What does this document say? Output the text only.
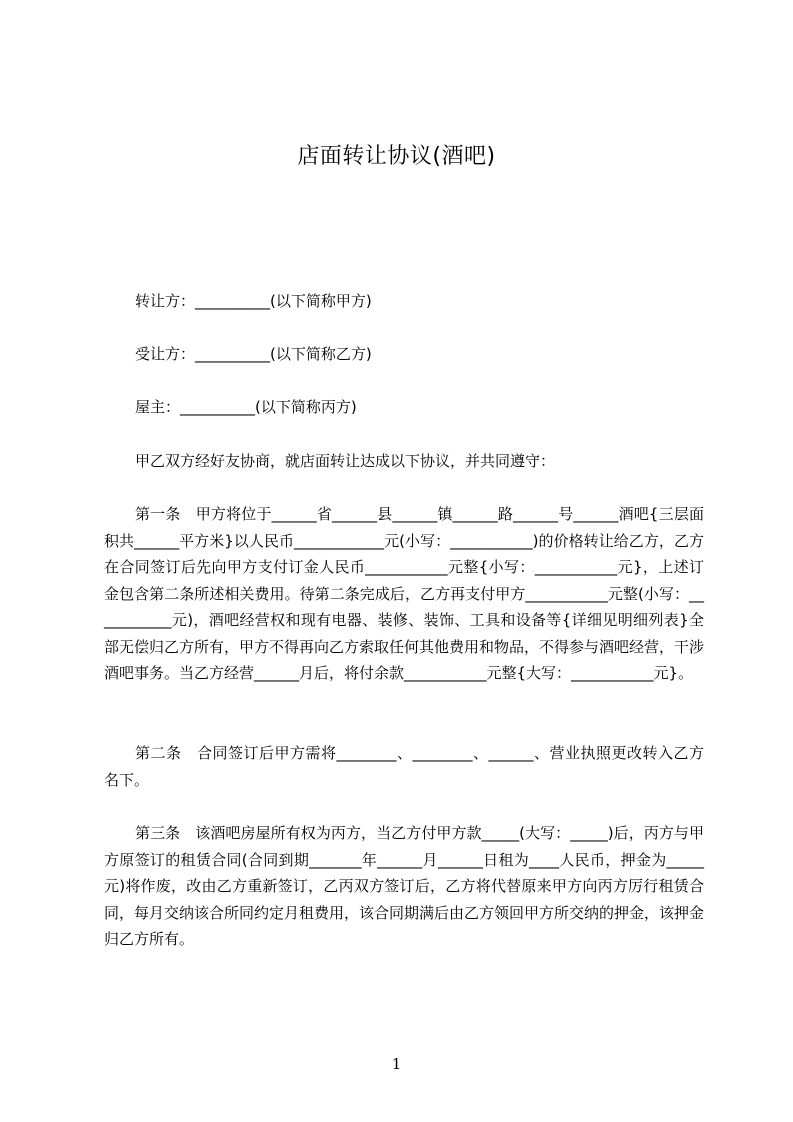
店面转让协议(酒吧)
转让方：__________(以下简称甲方)
受让方：__________(以下简称乙方)
屋主：__________(以下简称丙方)
甲乙双方经好友协商，就店面转让达成以下协议，并共同遵守：
第一条　甲方将位于______省______县______镇______路______号______酒吧{三层面积共______平方米}以人民币____________元(小写：___________)的价格转让给乙方，乙方在合同签订后先向甲方支付订金人民币___________元整{小写：___________元}，上述订金包含第二条所述相关费用。待第二条完成后，乙方再支付甲方___________元整(小写：___________元)，酒吧经营权和现有电器、装修、装饰、工具和设备等{详细见明细列表}全部无偿归乙方所有，甲方不得再向乙方索取任何其他费用和物品，不得参与酒吧经营，干涉酒吧事务。当乙方经营______月后，将付余款___________元整{大写：___________元}。
第二条　合同签订后甲方需将________、________、______、营业执照更改转入乙方名下。
第三条　该酒吧房屋所有权为丙方，当乙方付甲方款_____(大写：_____)后，丙方与甲方原签订的租赁合同(合同到期_______年______月______日租为____人民币，押金为_____元)将作废，改由乙方重新签订，乙丙双方签订后，乙方将代替原来甲方向丙方厉行租赁合同，每月交纳该合所同约定月租费用，该合同期满后由乙方领回甲方所交纳的押金，该押金归乙方所有。
1
